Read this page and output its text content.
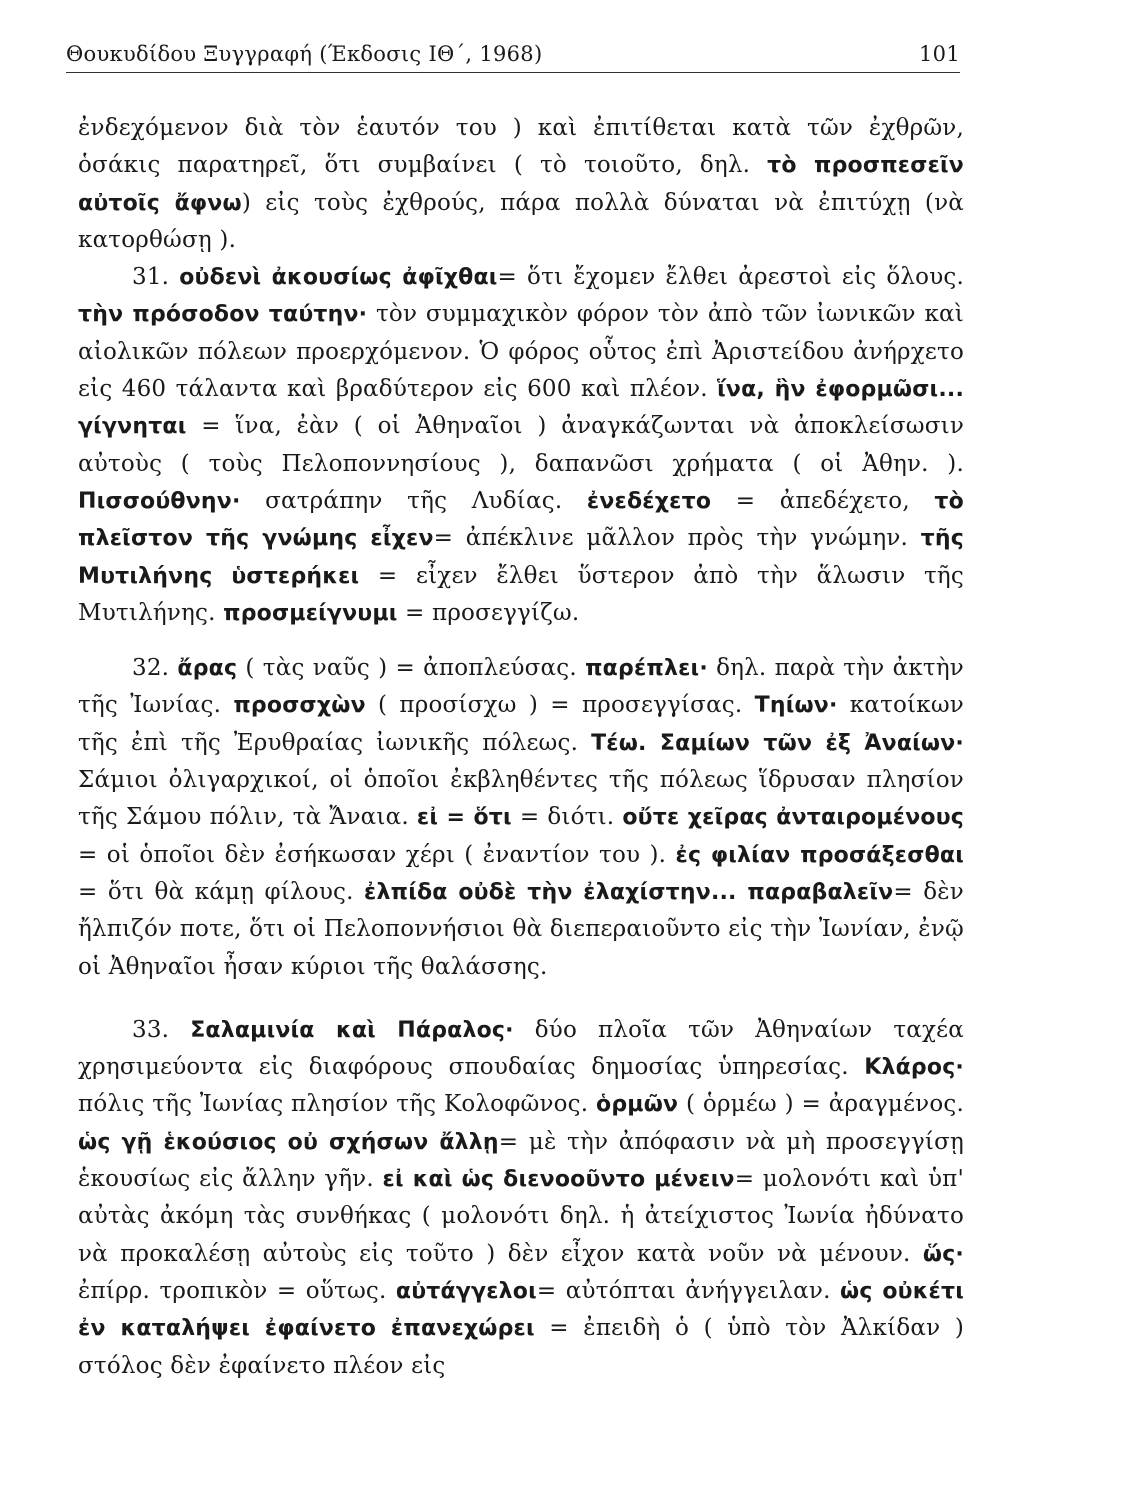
Θουκυδίδου Ξυγγραφή (Έκδοσις ΙΘ΄, 1968)	101

ἐνδεχόμενον διὰ τὸν ἑαυτόν του ) καὶ ἐπιτίθεται κατὰ τῶν ἐχθρῶν, ὁσάκις παρατηρεῖ, ὅτι συμβαίνει ( τὸ τοιοῦτο, δηλ. τὸ προσπεσεῖν αὐτοῖς ἄφνω) εἰς τοὺς ἐχθρούς, πάρα πολλὰ δύναται νὰ ἐπιτύχῃ (νὰ κατορθώσῃ ).

31. οὐδενὶ ἀκουσίως ἀφῖχθαι= ὅτι ἔχομεν ἔλθει ἀρεστοὶ εἰς ὅλους. τὴν πρόσοδον ταύτην· τὸν συμμαχικὸν φόρον τὸν ἀπὸ τῶν ἰωνικῶν καὶ αἰολικῶν πόλεων προερχόμενον. Ὁ φόρος οὗτος ἐπὶ Ἀριστείδου ἀνήρχετο εἰς 460 τάλαντα καὶ βραδύτερον εἰς 600 καὶ πλέον. ἵνα, ἣν ἐφορμῶσι... γίγνηται = ἵνα, ἐὰν ( οἱ Ἀθηναῖοι ) ἀναγκάζωνται νὰ ἀποκλείσωσιν αὐτοὺς ( τοὺς Πελοποννησίους ), δαπανῶσι χρήματα ( οἱ Ἀθην. ). Πισσούθνην· σατράπην τῆς Λυδίας. ἐνεδέχετο = ἀπεδέχετο, τὸ πλεῖστον τῆς γνώμης εἶχεν= ἀπέκλινε μᾶλλον πρὸς τὴν γνώμην. τῆς Μυτιλήνης ὑστερήκει = εἶχεν ἔλθει ὕστερον ἀπὸ τὴν ἅλωσιν τῆς Μυτιλήνης. προσμείγνυμι = προσεγγίζω.

32. ἄρας ( τὰς ναῦς ) = ἀποπλεύσας. παρέπλει· δηλ. παρὰ τὴν ἀκτὴν τῆς Ἰωνίας. προσσχὼν ( προσίσχω ) = προσεγγίσας. Τηίων· κατοίκων τῆς ἐπὶ τῆς Ἐρυθραίας ἰωνικῆς πόλεως. Τέω. Σαμίων τῶν ἐξ Ἀναίων· Σάμιοι ὀλιγαρχικοί, οἱ ὁποῖοι ἐκβληθέντες τῆς πόλεως ἵδρυσαν πλησίον τῆς Σάμου πόλιν, τὰ Ἄναια. εἰ = ὅτι = διότι. οὔτε χεῖρας ἀνταιρομένους = οἱ ὁποῖοι δὲν ἐσήκωσαν χέρι ( ἐναντίον του ). ἐς φιλίαν προσάξεσθαι = ὅτι θὰ κάμῃ φίλους. ἐλπίδα οὐδὲ τὴν ἐλαχίστην... παραβαλεῖν= δὲν ἤλπιζόν ποτε, ὅτι οἱ Πελοποννήσιοι θὰ διεπεραιοῦντο εἰς τὴν Ἰωνίαν, ἐνῷ οἱ Ἀθηναῖοι ἦσαν κύριοι τῆς θαλάσσης.

33. Σαλαμινία καὶ Πάραλος· δύο πλοῖα τῶν Ἀθηναίων ταχέα χρησιμεύοντα εἰς διαφόρους σπουδαίας δημοσίας ὑπηρεσίας. Κλάρος· πόλις τῆς Ἰωνίας πλησίον τῆς Κολοφῶνος. ὁρμῶν ( ὁρμέω ) = ἀραγμένος. ὡς γῇ ἑκούσιος οὐ σχήσων ἄλλῃ= μὲ τὴν ἀπόφασιν νὰ μὴ προσεγγίσῃ ἑκουσίως εἰς ἄλλην γῆν. εἰ καὶ ὡς διενοοῦντο μένειν= μολονότι καὶ ὑπ' αὐτὰς ἀκόμη τὰς συνθήκας ( μολονότι δηλ. ἡ ἀτείχιστος Ἰωνία ἠδύνατο νὰ προκαλέσῃ αὐτοὺς εἰς τοῦτο ) δὲν εἶχον κατὰ νοῦν νὰ μένουν. ὥς· ἐπίρρ. τροπικὸν = οὕτως. αὐτάγγελοι= αὐτόπται ἀνήγγειλαν. ὡς οὐκέτι ἐν καταλήψει ἐφαίνετο ἐπανεχώρει = ἐπειδὴ ὁ ( ὑπὸ τὸν Ἀλκίδαν ) στόλος δὲν ἐφαίνετο πλέον εἰς
